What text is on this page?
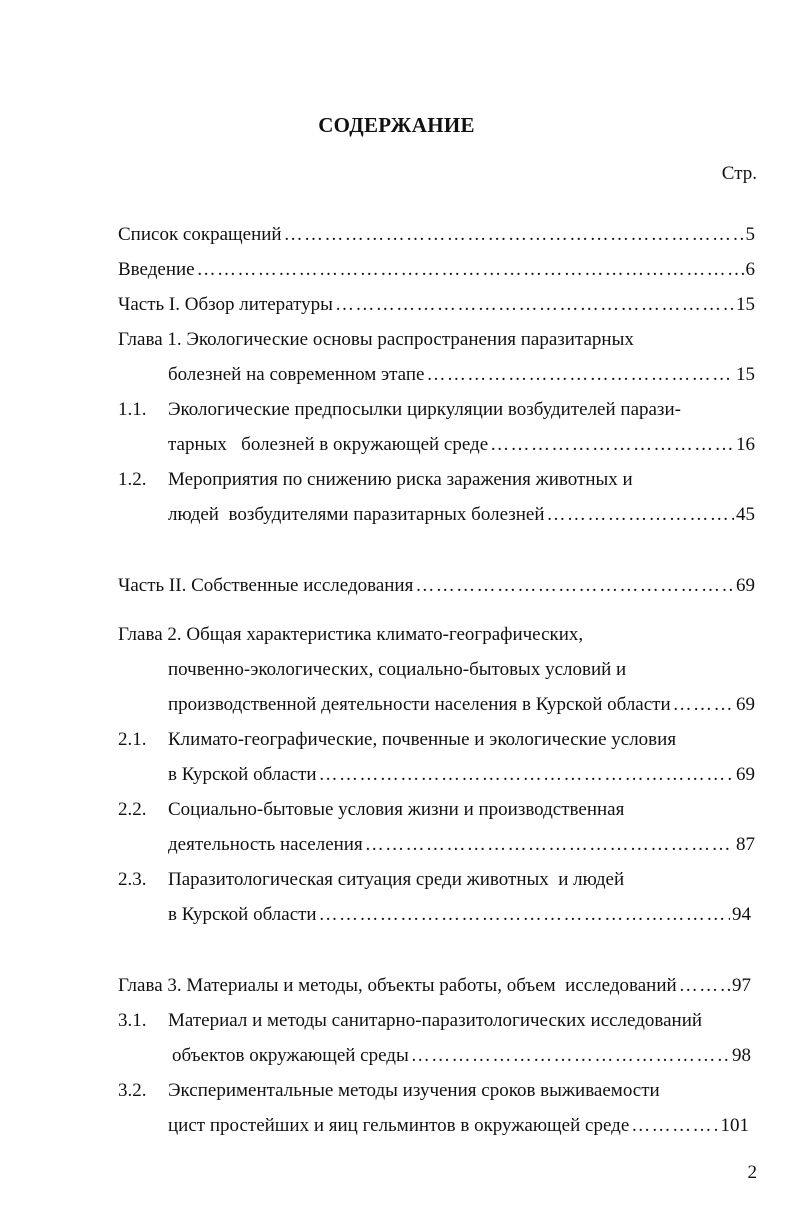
СОДЕРЖАНИЕ
Стр.
Список сокращений …………………………………………………………………………………………………………………………………………………………………………………	5
Введение …………………………………………………………………………………………………………………………………………………………………………………	6
Часть I. Обзор литературы …………………………………………………………………………………………………………………………………………………………………………………	15
Глава 1. Экологические основы распространения паразитарных
болезней на современном этапе …………………………………………………………………………………………………………………………………………………………………………………	15
1.1.	Экологические предпосылки циркуляции возбудителей парази-
тарных   болезней в окружающей среде …………………………………………………………………………………………………………………………………………………………………………………	16
1.2.	Мероприятия по снижению риска заражения животных и
людей  возбудителями паразитарных болезней …………………………………………………………………………………………………………………………………………………………………………………	45
Часть II. Собственные исследования …………………………………………………………………………………………………………………………………………………………………………………	69
Глава 2. Общая характеристика климато-географических,
почвенно-экологических, социально-бытовых условий и
производственной деятельности населения в Курской области …………………………………………………………………………………………………………………………………………………………………………………	69
2.1.	Климато-географические, почвенные и экологические условия
в Курской области …………………………………………………………………………………………………………………………………………………………………………………	69
2.2.	Социально-бытовые условия жизни и производственная
деятельность населения …………………………………………………………………………………………………………………………………………………………………………………	87
2.3.	Паразитологическая ситуация среди животных  и людей
в Курской области …………………………………………………………………………………………………………………………………………………………………………………	94
Глава 3. Материалы и методы, объекты работы, объем  исследований …………………………………………………………………………………………………………………………………………………………………………………	97
3.1.	Материал и методы санитарно-паразитологических исследований
объектов окружающей среды …………………………………………………………………………………………………………………………………………………………………………………	98
3.2.	Экспериментальные методы изучения сроков выживаемости
цист простейших и яиц гельминтов в окружающей среде …………………………………………………………………………………………………………………………………………………………………………………	101
2
